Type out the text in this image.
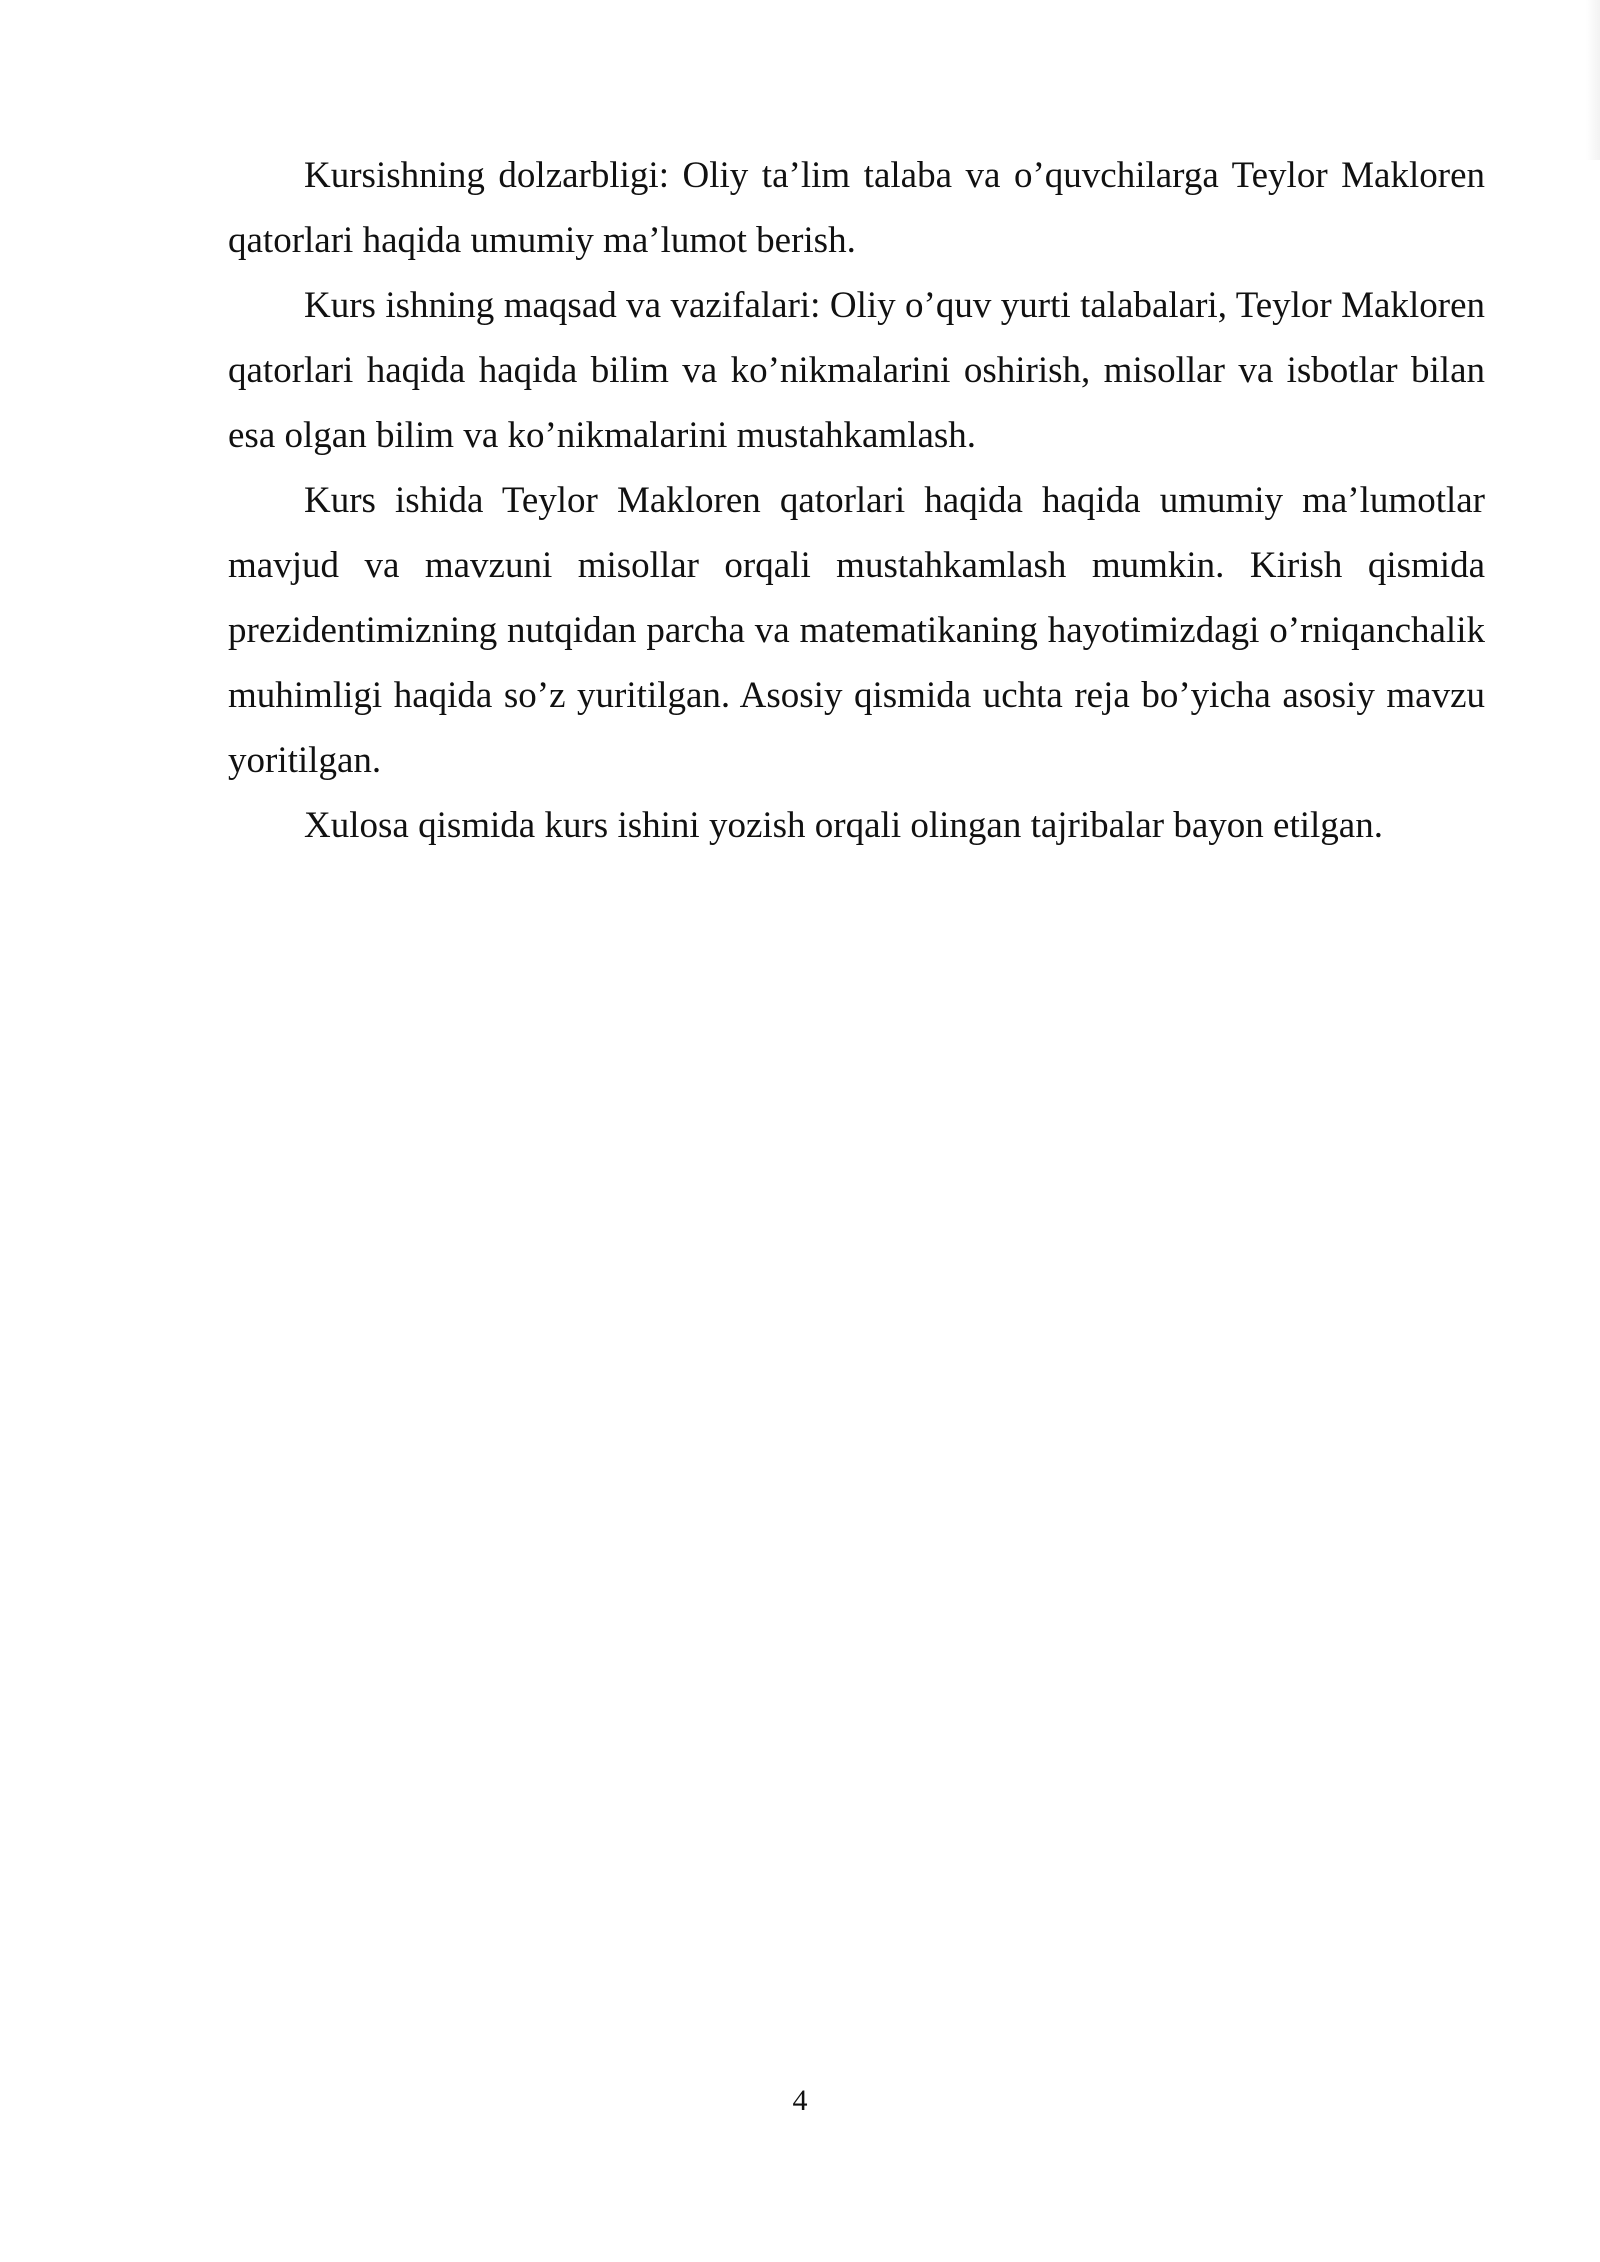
Kursishning dolzarbligi: Oliy ta’lim talaba va o’quvchilarga Teylor Makloren qatorlari haqida umumiy ma’lumot berish.

Kurs ishning maqsad va vazifalari: Oliy o’quv yurti talabalari, Teylor Makloren qatorlari haqida haqida bilim va ko’nikmalarini oshirish, misollar va isbotlar bilan esa olgan bilim va ko’nikmalarini mustahkamlash.

Kurs ishida Teylor Makloren qatorlari haqida haqida umumiy ma’lumotlar mavjud va mavzuni misollar orqali mustahkamlash mumkin. Kirish qismida prezidentimizning nutqidan parcha va matematikaning hayotimizdagi o’rniqanchalik muhimligi haqida so’z yuritilgan. Asosiy qismida uchta reja bo’yicha asosiy mavzu yoritilgan.

Xulosa qismida kurs ishini yozish orqali olingan tajribalar bayon etilgan.

4
